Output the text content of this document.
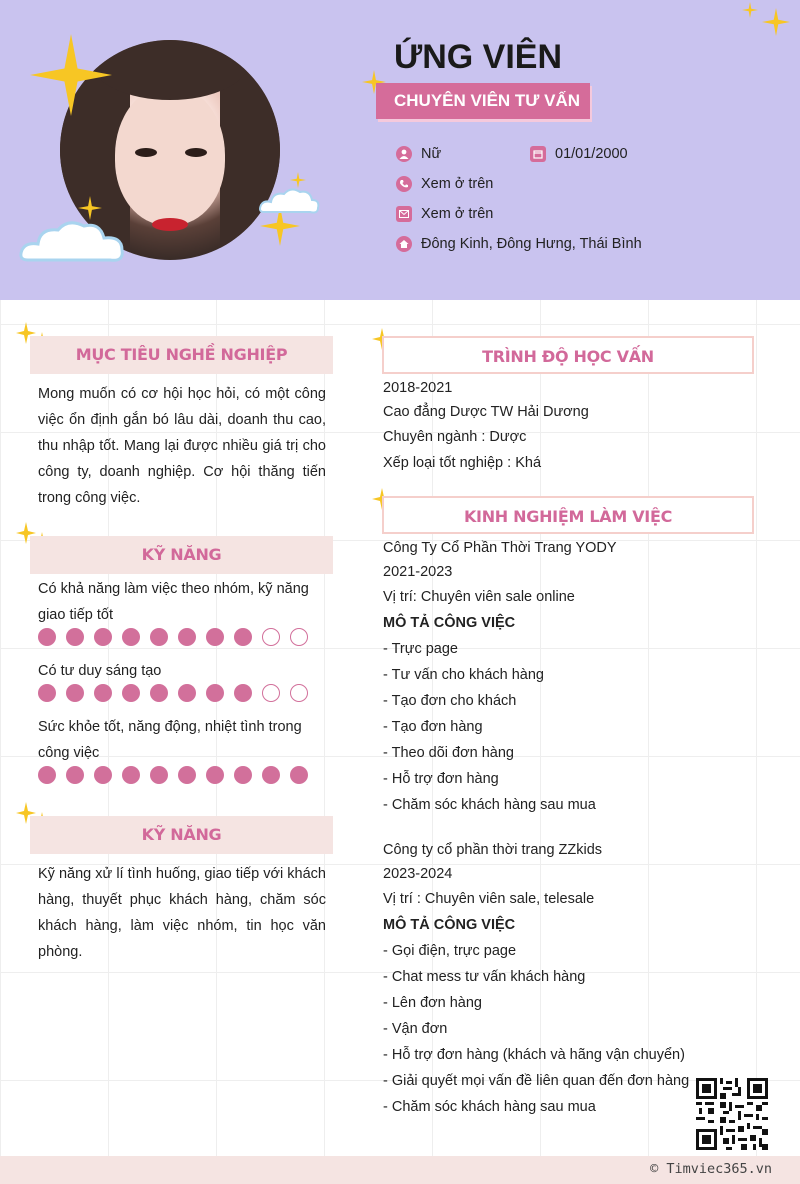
ỨNG VIÊN
CHUYÊN VIÊN TƯ VẤN
Nữ	01/01/2000
Xem ở trên
Xem ở trên
Đông Kinh, Đông Hưng, Thái Bình
MỤC TIÊU NGHỀ NGHIỆP
Mong muốn có cơ hội học hỏi, có một công việc ổn định gắn bó lâu dài, doanh thu cao, thu nhập tốt. Mang lại được nhiều giá trị cho công ty, doanh nghiệp. Cơ hội thăng tiến trong công việc.
KỸ NĂNG
Có khả năng làm việc theo nhóm, kỹ năng giao tiếp tốt
Có tư duy sáng tạo
Sức khỏe tốt, năng động, nhiệt tình trong công việc
KỸ NĂNG
Kỹ năng xử lí tình huống, giao tiếp với khách hàng, thuyết phục khách hàng, chăm sóc khách hàng, làm việc nhóm, tin học văn phòng.
TRÌNH ĐỘ HỌC VẤN
2018-2021
Cao đẳng Dược TW Hải Dương
Chuyên ngành : Dược
Xếp loại tốt nghiệp : Khá
KINH NGHIỆM LÀM VIỆC
Công Ty Cổ Phần Thời Trang YODY
2021-2023
Vị trí: Chuyên viên sale online
MÔ TẢ CÔNG VIỆC
- Trực page
- Tư vấn cho khách hàng
- Tạo đơn cho khách
- Tạo đơn hàng
- Theo dõi đơn hàng
- Hỗ trợ đơn hàng
- Chăm sóc khách hàng sau mua
Công ty cổ phần thời trang ZZkids
2023-2024
Vị trí : Chuyên viên sale, telesale
MÔ TẢ CÔNG VIỆC
- Gọi điện, trực page
- Chat mess tư vấn khách hàng
- Lên đơn hàng
- Vận đơn
- Hỗ trợ đơn hàng (khách và hãng vận chuyển)
- Giải quyết mọi vấn đề liên quan đến đơn hàng
- Chăm sóc khách hàng sau mua
© Timviec365.vn
